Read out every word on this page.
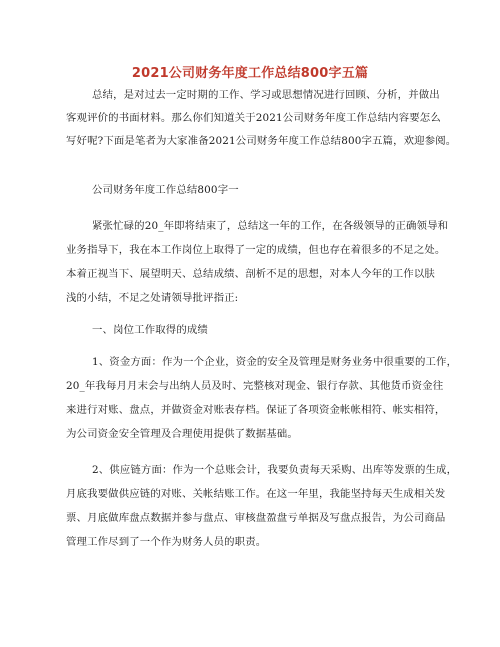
2021公司财务年度工作总结800字五篇
总结，是对过去一定时期的工作、学习或思想情况进行回顾、分析，并做出
客观评价的书面材料。那么你们知道关于2021公司财务年度工作总结内容要怎么
写好呢?下面是笔者为大家准备2021公司财务年度工作总结800字五篇，欢迎参阅。
公司财务年度工作总结800字一
紧张忙碌的20_年即将结束了，总结这一年的工作，在各级领导的正确领导和
业务指导下，我在本工作岗位上取得了一定的成绩，但也存在着很多的不足之处。
本着正视当下、展望明天、总结成绩、剖析不足的思想，对本人今年的工作以肤
浅的小结，不足之处请领导批评指正:
一、岗位工作取得的成绩
1、资金方面：作为一个企业，资金的安全及管理是财务业务中很重要的工作，
20_年我每月月末会与出纳人员及时、完整核对现金、银行存款、其他货币资金往
来进行对账、盘点，并做资金对账表存档。保证了各项资金帐帐相符、帐实相符，
为公司资金安全管理及合理使用提供了数据基础。
2、供应链方面：作为一个总账会计，我要负责每天采购、出库等发票的生成，
月底我要做供应链的对账、关帐结账工作。在这一年里，我能坚持每天生成相关发
票、月底做库盘点数据并参与盘点、审核盘盈盘亏单据及写盘点报告，为公司商品
管理工作尽到了一个作为财务人员的职责。
